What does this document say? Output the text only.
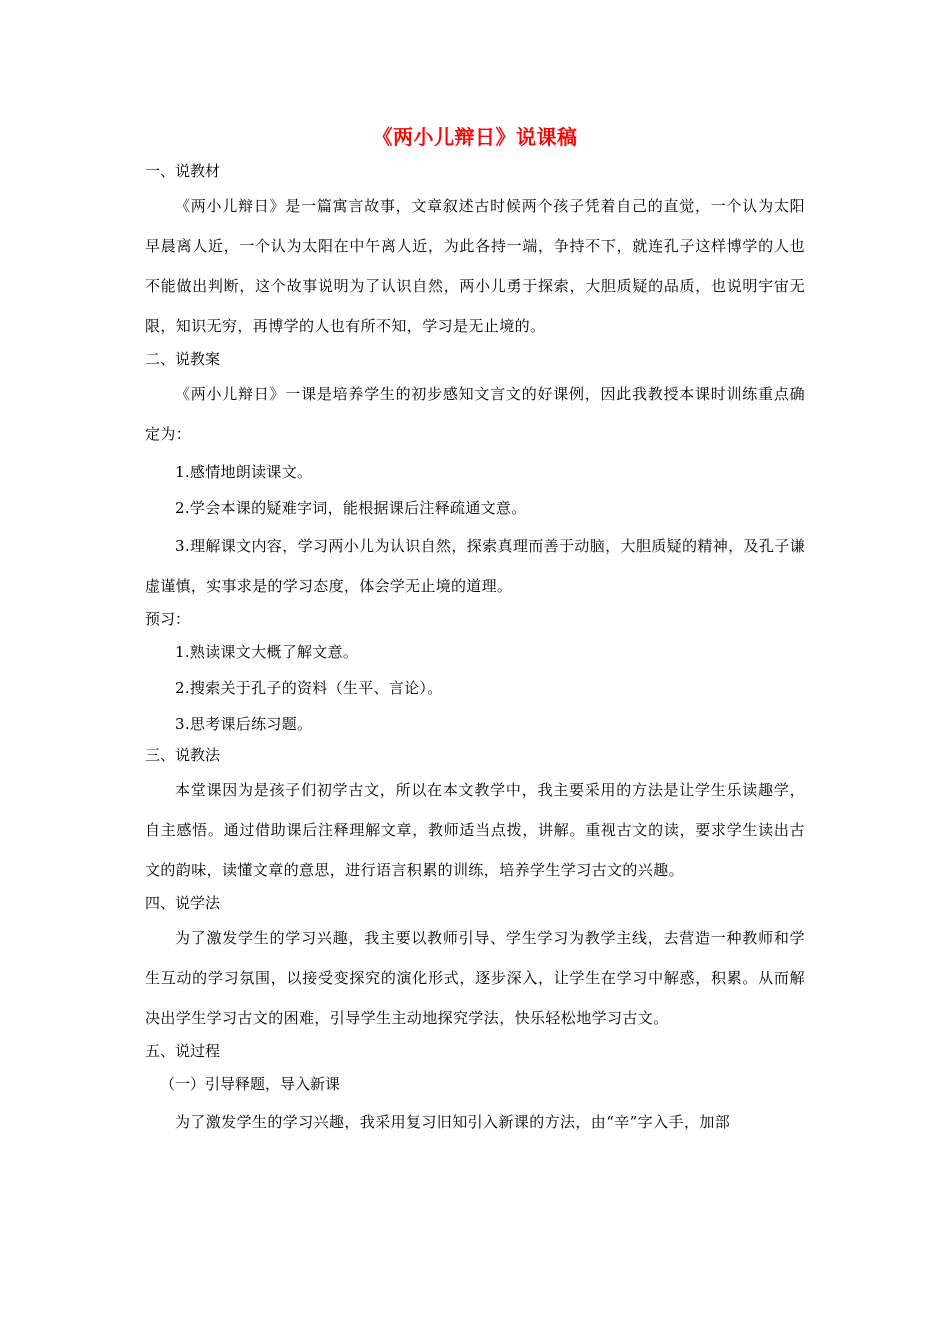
《两小儿辩日》说课稿
一、说教材

《两小儿辩日》是一篇寓言故事，文章叙述古时候两个孩子凭着自己的直觉，一个认为太阳早晨离人近，一个认为太阳在中午离人近，为此各持一端，争持不下，就连孔子这样博学的人也不能做出判断，这个故事说明为了认识自然，两小儿勇于探索，大胆质疑的品质，也说明宇宙无限，知识无穷，再博学的人也有所不知，学习是无止境的。

二、说教案

《两小儿辩日》一课是培养学生的初步感知文言文的好课例，因此我教授本课时训练重点确定为：

1.感情地朗读课文。

2.学会本课的疑难字词，能根据课后注释疏通文意。

3.理解课文内容，学习两小儿为认识自然，探索真理而善于动脑，大胆质疑的精神，及孔子谦虚谨慎，实事求是的学习态度，体会学无止境的道理。

预习：

1.熟读课文大概了解文意。

2.搜索关于孔子的资料（生平、言论）。

3.思考课后练习题。

三、说教法

本堂课因为是孩子们初学古文，所以在本文教学中，我主要采用的方法是让学生乐读趣学，自主感悟。通过借助课后注释理解文章，教师适当点拨，讲解。重视古文的读，要求学生读出古文的韵味，读懂文章的意思，进行语言积累的训练，培养学生学习古文的兴趣。

四、说学法

为了激发学生的学习兴趣，我主要以教师引导、学生学习为教学主线，去营造一种教师和学生互动的学习氛围，以接受变探究的演化形式，逐步深入，让学生在学习中解惑，积累。从而解决出学生学习古文的困难，引导学生主动地探究学法，快乐轻松地学习古文。

五、说过程

（一）引导释题，导入新课

为了激发学生的学习兴趣，我采用复习旧知引入新课的方法，由“辛”字入手，加部
